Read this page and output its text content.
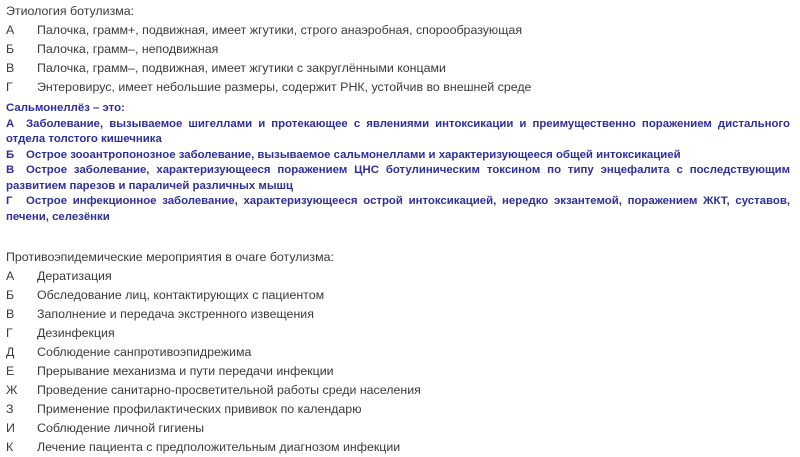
Этиология ботулизма:
А	Палочка, грамм+, подвижная, имеет жгутики, строго анаэробная, спорообразующая
Б	Палочка, грамм–, неподвижная
В	Палочка, грамм–, подвижная, имеет жгутики с закруглёнными концами
Г	Энтеровирус, имеет небольшие размеры, содержит РНК, устойчив во внешней среде
Сальмонеллёз – это:
А Заболевание, вызываемое шигеллами и протекающее с явлениями интоксикации и преимущественно поражением дистального отдела толстого кишечника
Б Острое зооантропонозное заболевание, вызываемое сальмонеллами и характеризующееся общей интоксикацией
В Острое заболевание, характеризующееся поражением ЦНС ботулиническим токсином по типу энцефалита с последствующим развитием парезов и параличей различных мышц
Г Острое инфекционное заболевание, характеризующееся острой интоксикацией, нередко экзантемой, поражением ЖКТ, суставов, печени, селезёнки
Противоэпидемические мероприятия в очаге ботулизма:
А	Дератизация
Б	Обследование лиц, контактирующих с пациентом
В	Заполнение и передача экстренного извещения
Г	Дезинфекция
Д	Соблюдение санпротивоэпидрежима
Е	Прерывание механизма и пути передачи инфекции
Ж	Проведение санитарно-просветительной работы среди населения
З	Применение профилактических прививок по календарю
И	Соблюдение личной гигиены
К	Лечение пациента с предположительным диагнозом инфекции
